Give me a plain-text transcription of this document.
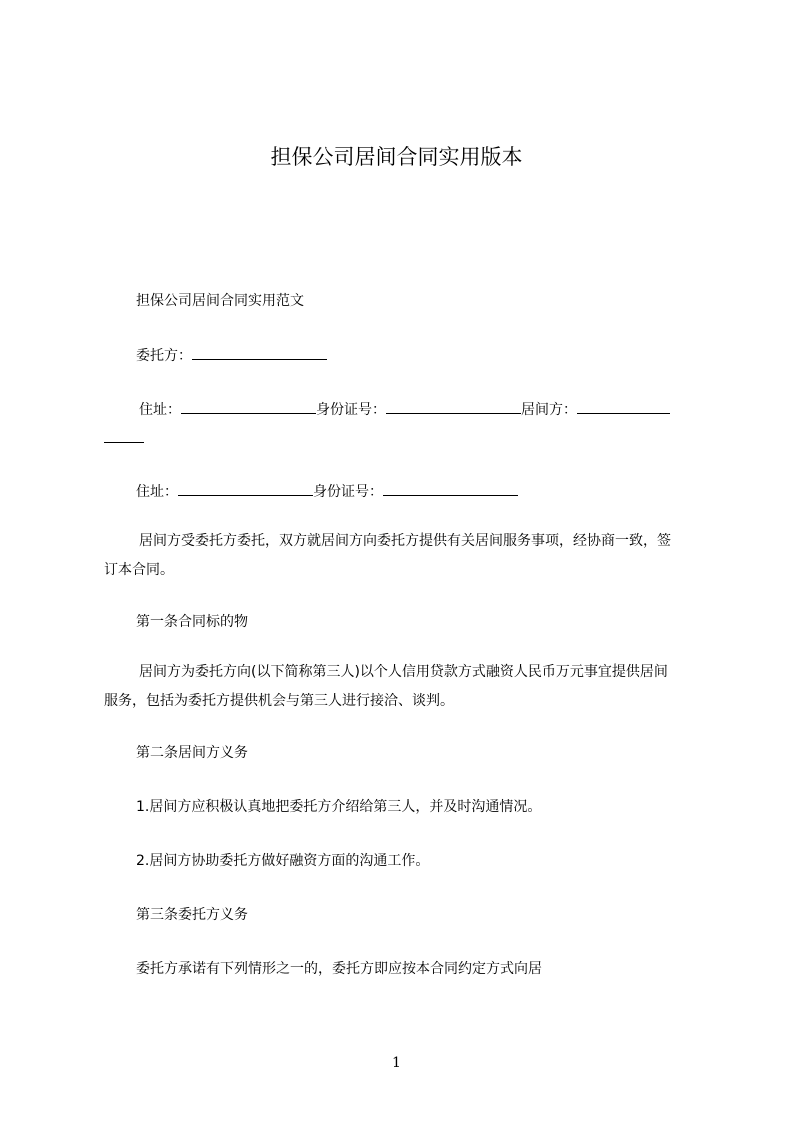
担保公司居间合同实用版本
担保公司居间合同实用范文
委托方：
住址：	身份证号：	居间方：
住址：	身份证号：
居间方受委托方委托，双方就居间方向委托方提供有关居间服务事项，经协商一致，签订本合同。
第一条合同标的物
居间方为委托方向(以下简称第三人)以个人信用贷款方式融资人民币万元事宜提供居间服务，包括为委托方提供机会与第三人进行接洽、谈判。
第二条居间方义务
1.居间方应积极认真地把委托方介绍给第三人，并及时沟通情况。
2.居间方协助委托方做好融资方面的沟通工作。
第三条委托方义务
委托方承诺有下列情形之一的，委托方即应按本合同约定方式向居
1
